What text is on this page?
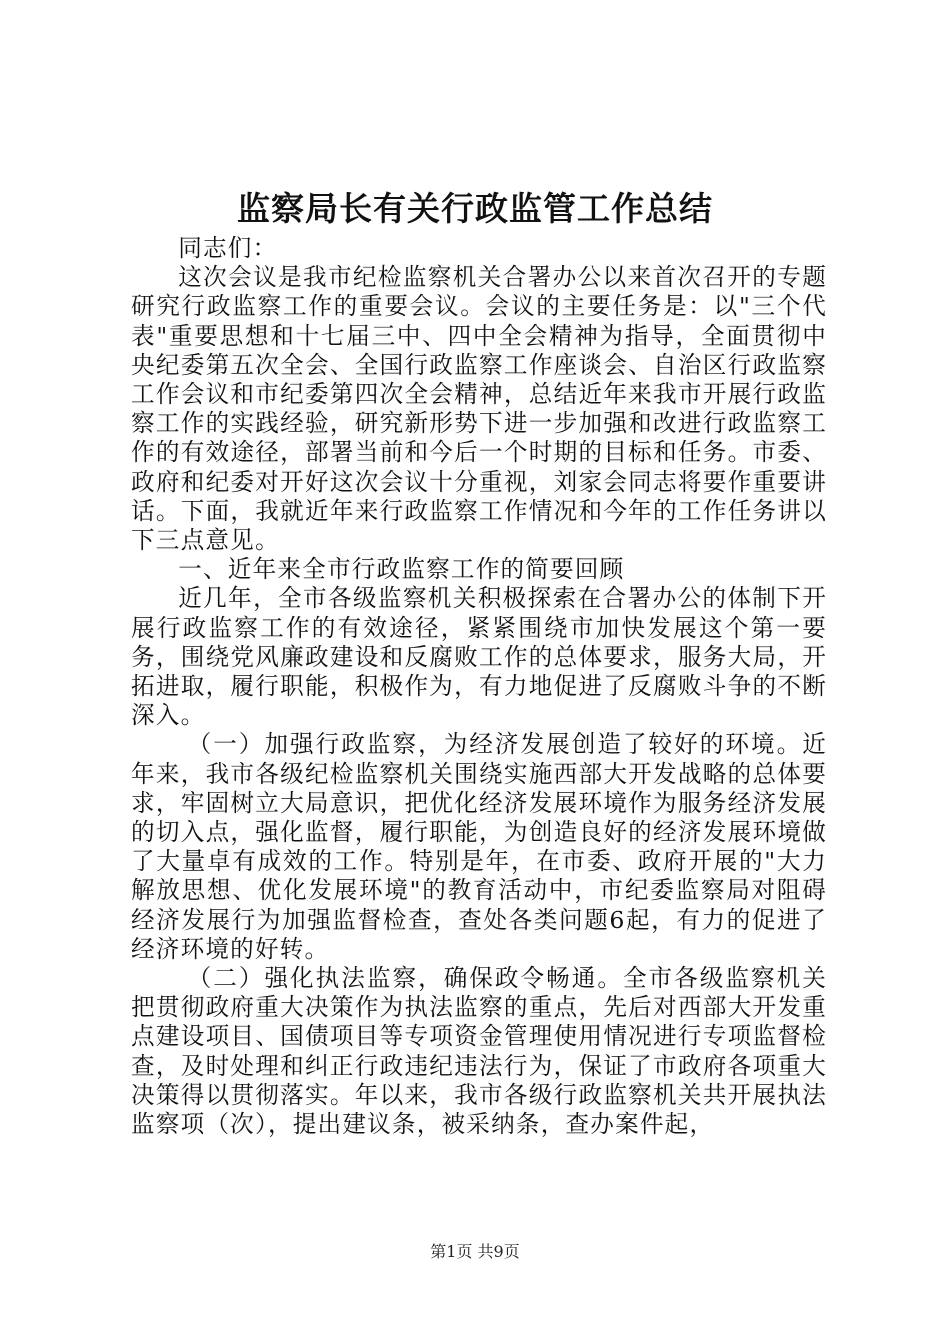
监察局长有关行政监管工作总结

同志们：

这次会议是我市纪检监察机关合署办公以来首次召开的专题研究行政监察工作的重要会议。会议的主要任务是：以"三个代表"重要思想和十七届三中、四中全会精神为指导，全面贯彻中央纪委第五次全会、全国行政监察工作座谈会、自治区行政监察工作会议和市纪委第四次全会精神，总结近年来我市开展行政监察工作的实践经验，研究新形势下进一步加强和改进行政监察工作的有效途径，部署当前和今后一个时期的目标和任务。市委、政府和纪委对开好这次会议十分重视，刘家会同志将要作重要讲话。下面，我就近年来行政监察工作情况和今年的工作任务讲以下三点意见。

一、近年来全市行政监察工作的简要回顾

近几年，全市各级监察机关积极探索在合署办公的体制下开展行政监察工作的有效途径，紧紧围绕市加快发展这个第一要务，围绕党风廉政建设和反腐败工作的总体要求，服务大局，开拓进取，履行职能，积极作为，有力地促进了反腐败斗争的不断深入。

（一）加强行政监察，为经济发展创造了较好的环境。近年来，我市各级纪检监察机关围绕实施西部大开发战略的总体要求，牢固树立大局意识，把优化经济发展环境作为服务经济发展的切入点，强化监督，履行职能，为创造良好的经济发展环境做了大量卓有成效的工作。特别是年，在市委、政府开展的"大力解放思想、优化发展环境"的教育活动中，市纪委监察局对阻碍经济发展行为加强监督检查，查处各类问题6起，有力的促进了经济环境的好转。

（二）强化执法监察，确保政令畅通。全市各级监察机关把贯彻政府重大决策作为执法监察的重点，先后对西部大开发重点建设项目、国债项目等专项资金管理使用情况进行专项监督检查，及时处理和纠正行政违纪违法行为，保证了市政府各项重大决策得以贯彻落实。年以来，我市各级行政监察机关共开展执法监察项（次），提出建议条，被采纳条，查办案件起，

第1页 共9页
